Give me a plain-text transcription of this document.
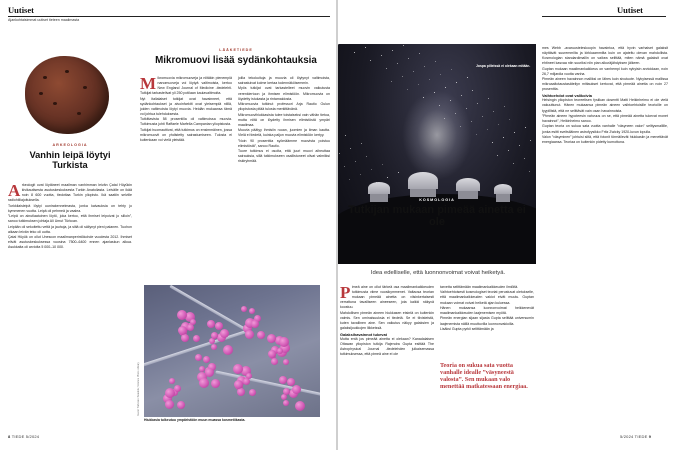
Uutiset
Ajankohtaisimmat uutiset tieteen maailmasta
ARKEOLOGIA
Vanhin leipä löytyi Turkista
A rkeologit ovat löytäneet maailman vanhimman leivän Çatal Hüyükin kivikautisesta asutuskeskuksesta Turkin Anatoliasta. Leivälle on ikää noin 8 600 vuotta, tiedottaa Turkin yliopisto. Ikä saatiin selville radiohiiliajoituksella.

Turkkilaisleipä löytyi uunirakennelmasta, jonka kaivauksia on tehty jo kymmenen vuotta. Leipä oli pehmeä ja vaalea.

”Leipä on ainutlaatuinen löytö, joka kertoo, että ihmiset leipoivat jo silloin”, sanoo tutkimuksen johtaja Ali Umut Türkcan.

Leipään oli sekoitettu vettä ja jauhoja, ja siitä oli säilynyt pieni palanen. Tuohon aikaan leivän teko oli uutta.

Çatal Hüyük on ollut Unescon maailmanperintökohde vuodesta 2012. Ihmiset elivät asutuskeskuksessa vuosina 7500–6400 ennen ajanlaskun alkua. Asukkaita oli arviolta 5 000–10 000.

LÄÄKETIEDE
Mikromuovi lisää sydänkohtauksia
M ikromuovia mikromuoveja ja niitäkin pienempiä nanomuoveja voi löytyä valtimoista, kertoo New England Journal of Medicine -tiedelehti. Tutkijat tarkastelivat yli 250 potilaan kaulavaltimoita.

Nyt italialaiset tutkijat ovat havainneet, että sydänkohtaukset ja aivoinfarktit ovat yleisempiä niillä, joiden valtimoista löytyi muovia. Heidän mukaansa tämä voi johtua tulehduksesta.

Tutkittavista 58 prosentilla oli valtimoissa muovia. Tutkimusta johti Raffaele Marfella Campanian yliopistosta.

Tutkijat huomauttivat, että tutkimus on ensimmäinen, jossa mikromuovit on yhdistetty sairastumiseen. Tulosta ei kuitenkaan voi vielä yleistää.

joilla tekokuituja ja muovia oli löytynyt valtimoista, sairastuivat kolme kertaa todennäköisemmin.

Myös tutkijat ovat tarkastelleet muovin vaikutusta verenkiertoon ja ihmisen elimistöön. Mikromuovia on löydetty istukasta ja rintamaidosta.

Mikromuovia tutkinut professori Arja Rautio Oulun yliopistosta pitää tulosta merkittävänä.

Mikromuovihiukkasista tulee toistaiseksi vain vähän tietoa, mutta niitä on löydetty ihmisen elimistöstä ympäri maailmaa.

Muovia päätyy ihmisiin ruoan, juomien ja ilman kautta. Vielä ei tiedetä, kuinka paljon muovia elimistöön kertyy.

”Noin 90 prosenttia syömäämme muovista poistuu elimistöstä”, sanoo Rautio.

Tuore tutkimus ei osoita, että juuri muovi aiheuttaa sairauksia, sillä tutkimukseen osallistuneet olivat valmiiksi riskiryhmää.

Hiukkasia tulkeutuu ympäristöön muun muassa kosmetiikasta.
Kuvat: Türkcan / Anadolu; Science Photo Library
8 TIEDE 5/2024
Uutiset
5/2024 TIEDE 9
Jospa pilleissä ei olekaan mitään.
KOSMOLOGIA
Tutkijan mukaan pimeää ainetta ei ole
Idea edelliselle, että luonnonvoimat voivat heiketyä.
P imeä aine on ollut tärkeä osa maailmankaikkeuden tutkimusta viime vuosikymmenet. Valtaosa teorian mukaan pimeää ainetta on viisinkertaisesti verrattuna tavalliseen aineeseen, jota kaikki näkyvä koostuu.

Mahdollisen pimeän aineen hiukkasen etsintä on kuitenkin valmis. Sen ominaisuuksia ei tiedetä. Se ei tiivisteistä, kuten tavallinen aine. Sen vaikutus näkyy galaksien ja galaksijoukkojen liikkeissä.

Galaksihavainnot tukevat

Mutta entä jos pimeää ainetta ei olekaan? Kanadalaisen Ottawan yliopiston tutkija Rajendra Gupta esittää The Astrophysical Journal -tiedelehden julkaisemassa tutkimuksessa, että pimeä aine ei ole

tarvetta selittämään maailmankaikkeuden ilmiöitä.

Vaihtoehtoisesti kosmologiset teoriat perustuvat oletukselle, että maailmankaikkeuden vakiot eivät muutu. Guptan mukaan voimat voivat heiketä ajan kuluessa.

Hänen mukaansa luonnonvoimat heikkenevät maailmankaikkeuden laajenemisen myötä.

Pimeän energian sijaan sijasta Gupta selittää universumin laajenemista näillä muuttuvilla luonnonvakioilla.

Lisäksi Gupta pyrkii selittämään ja

Teoria on sukua sata vuotta vanhalle idealle ”väsyneestä valosta”. Sen mukaan valo menettää matkatessaan energiaa.

mes Webb -avaruusteleskoopin havaintoa, että hyvin varhaiset galaksit näyttävät suuremmilta ja kirkkaammilta kuin on ajateltu olevan mahdollista. Kosmologian standardimallin on vaikea selittää, miten nämä galaksit ovat ehtineet kasvaa niin suuriksi niin pian alkuräjähdyksen jälkeen.

Guptan mukaan maailmankaikkeus on vanhempi kuin nykyisin arvioidaan, noin 26,7 miljardia vuotta vanha.

Pimeän aineen havainnon malliksi on lähes kuin sivutuote. Nykyisessä mallissa mikroaaltotaustasäteilyn mittaukset kertovat, että pimeää ainetta on noin 27 prosenttia.

Vaihtoehdot ovat valikoivia

Helsingin yliopiston teoreetisen fysiikan dosentti Matti Heikinheimo ei ole vielä vakuuttunut. Hänen mukaansa pimeän aineen vaihtoehtoisille teorioille on tyypillistä, että ne selittävät vain osan havainnoista.

”Pimeän aineen hypoteesin vahvuus on se, että pimeää ainetta tukevat monet havainnot”, Heikinheimo sanoo.

Guptan teoria on sukua sata vuotta vanhalle ”väsyneen valon” selitysmallille, jonka esitti sveitsiläinen astrofyysikko Fritz Zwicky 1920-luvun lopulla.

Valon ”väsyminen” johtuisi siitä, että fotonit törmäilevät hiukkasiin ja menettävät energiaansa. Teoriaa on kuitenkin pidetty kumottuna.
